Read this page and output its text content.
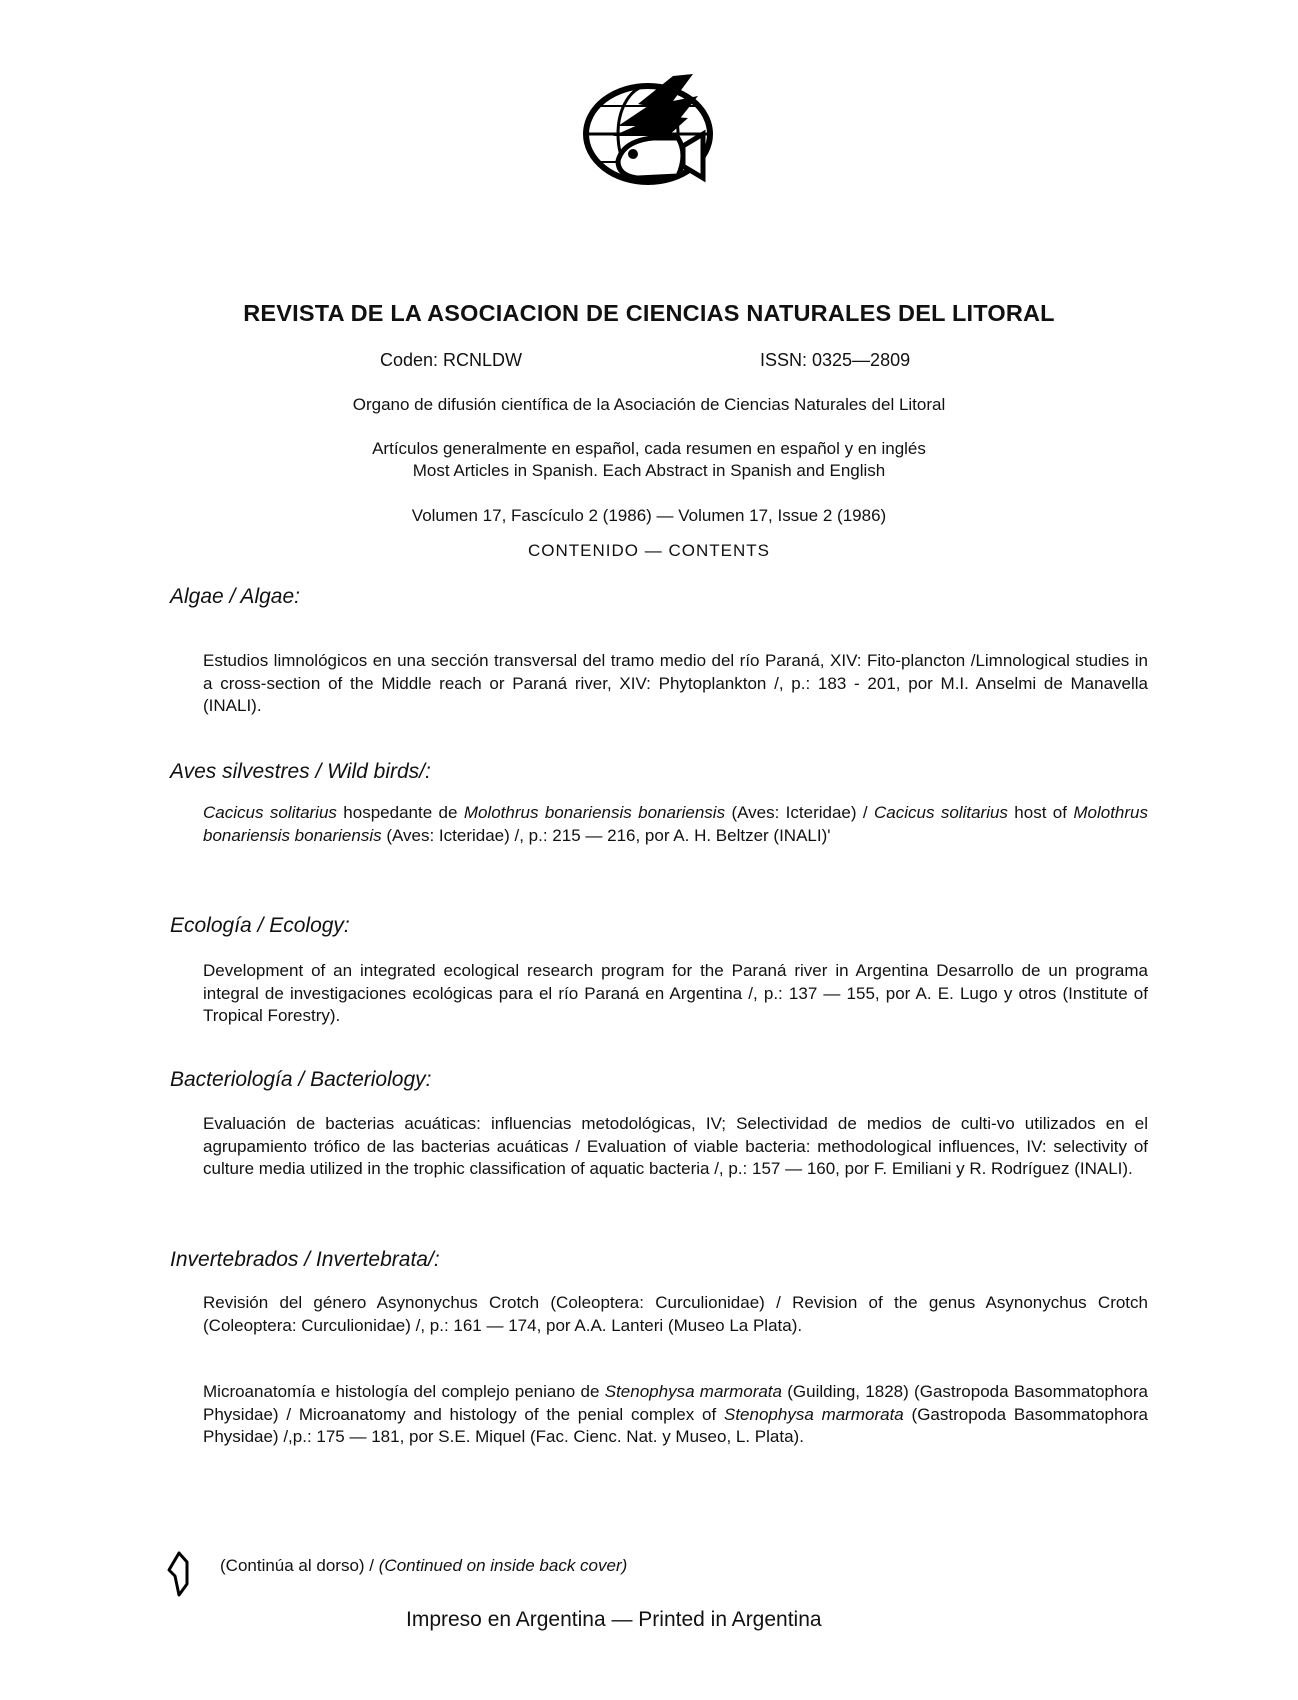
REVISTA DE LA ASOCIACION DE CIENCIAS NATURALES DEL LITORAL
Coden: RCNLDW	ISSN: 0325—2809
Organo de difusión científica de la Asociación de Ciencias Naturales del Litoral
Artículos generalmente en español, cada resumen en español y en inglés
Most Articles in Spanish. Each Abstract in Spanish and English
Volumen 17, Fascículo 2 (1986) — Volumen 17, Issue 2 (1986)
CONTENIDO — CONTENTS
Algae / Algae:
Estudios limnológicos en una sección transversal del tramo medio del río Paraná, XIV: Fito-plancton /Limnological studies in a cross-section of the Middle reach or Paraná river, XIV: Phytoplankton /, p.: 183 - 201, por M.I. Anselmi de Manavella (INALI).
Aves silvestres / Wild birds/:
Cacicus solitarius hospedante de Molothrus bonariensis bonariensis (Aves: Icteridae) / Cacicus solitarius host of Molothrus bonariensis bonariensis (Aves: Icteridae) /, p.: 215 — 216, por A. H. Beltzer (INALI)'
Ecología / Ecology:
Development of an integrated ecological research program for the Paraná river in Argentina Desarrollo de un programa integral de investigaciones ecológicas para el río Paraná en Argentina /, p.: 137 — 155, por A. E. Lugo y otros (Institute of Tropical Forestry).
Bacteriología / Bacteriology:
Evaluación de bacterias acuáticas: influencias metodológicas, IV; Selectividad de medios de culti-vo utilizados en el agrupamiento trófico de las bacterias acuáticas / Evaluation of viable bacteria: methodological influences, IV: selectivity of culture media utilized in the trophic classification of aquatic bacteria /, p.: 157 — 160, por F. Emiliani y R. Rodríguez (INALI).
Invertebrados / Invertebrata/:
Revisión del género Asynonychus Crotch (Coleoptera: Curculionidae) / Revision of the genus Asynonychus Crotch (Coleoptera: Curculionidae) /, p.: 161 — 174, por A.A. Lanteri (Museo La Plata).
Microanatomía e histología del complejo peniano de Stenophysa marmorata (Guilding, 1828) (Gastropoda Basommatophora Physidae) / Microanatomy and histology of the penial complex of Stenophysa marmorata (Gastropoda Basommatophora Physidae) /,p.: 175 — 181, por S.E. Miquel (Fac. Cienc. Nat. y Museo, L. Plata).
(Continúa al dorso) / (Continued on inside back cover)
Impreso en Argentina — Printed in Argentina
